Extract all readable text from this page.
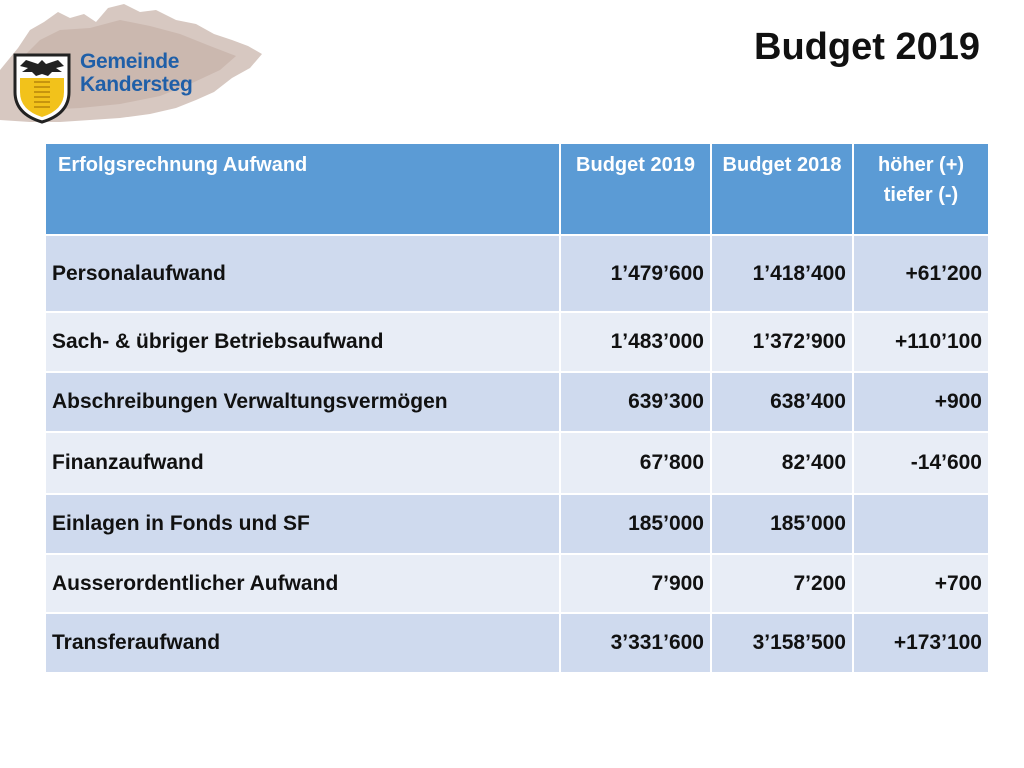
Gemeinde
Kandersteg
Budget 2019
Erfolgsrechnung Aufwand	Budget 2019	Budget 2018	höher (+) tiefer (-)
Personalaufwand	1’479’600	1’418’400	+61’200
Sach- & übriger Betriebsaufwand	1’483’000	1’372’900	+110’100
Abschreibungen Verwaltungsvermögen	639’300	638’400	+900
Finanzaufwand	67’800	82’400	-14’600
Einlagen in Fonds und SF	185’000	185’000	
Ausserordentlicher Aufwand	7’900	7’200	+700
Transferaufwand	3’331’600	3’158’500	+173’100
